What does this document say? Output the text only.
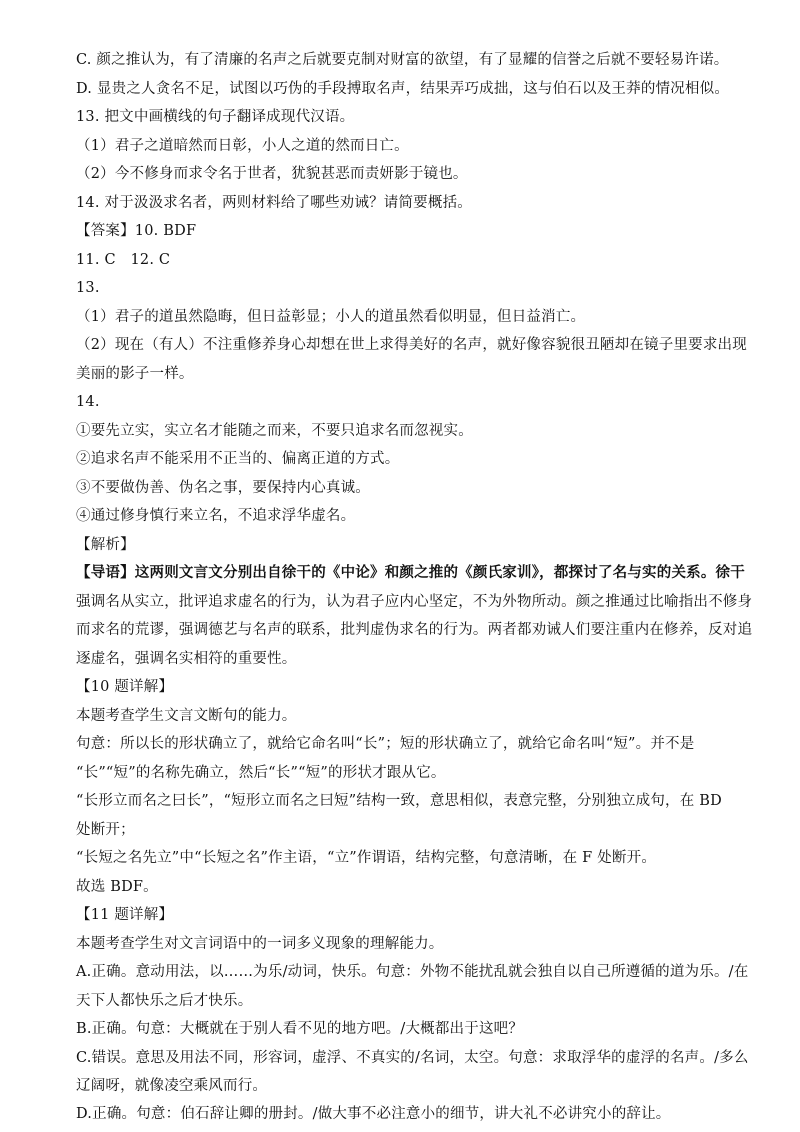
C. 颜之推认为，有了清廉的名声之后就要克制对财富的欲望，有了显耀的信誉之后就不要轻易许诺。
D. 显贵之人贪名不足，试图以巧伪的手段搏取名声，结果弄巧成拙，这与伯石以及王莽的情况相似。
13. 把文中画横线的句子翻译成现代汉语。
（1）君子之道暗然而日彰，小人之道的然而日亡。
（2）今不修身而求令名于世者，犹貌甚恶而责妍影于镜也。
14. 对于汲汲求名者，两则材料给了哪些劝诫？请简要概括。
【答案】10. BDF
11. C　12. C
13.
（1）君子的道虽然隐晦，但日益彰显；小人的道虽然看似明显，但日益消亡。
（2）现在（有人）不注重修养身心却想在世上求得美好的名声，就好像容貌很丑陋却在镜子里要求出现
美丽的影子一样。
14.
①要先立实，实立名才能随之而来，不要只追求名而忽视实。
②追求名声不能采用不正当的、偏离正道的方式。
③不要做伪善、伪名之事，要保持内心真诚。
④通过修身慎行来立名，不追求浮华虚名。
【解析】
【导语】这两则文言文分别出自徐干的《中论》和颜之推的《颜氏家训》，都探讨了名与实的关系。徐干
强调名从实立，批评追求虚名的行为，认为君子应内心坚定，不为外物所动。颜之推通过比喻指出不修身
而求名的荒谬，强调德艺与名声的联系，批判虚伪求名的行为。两者都劝诫人们要注重内在修养，反对追
逐虚名，强调名实相符的重要性。
【10 题详解】
本题考查学生文言文断句的能力。
句意：所以长的形状确立了，就给它命名叫“长”；短的形状确立了，就给它命名叫“短”。并不是
“长”“短”的名称先确立，然后“长”“短”的形状才跟从它。
“长形立而名之曰长”，“短形立而名之曰短”结构一致，意思相似，表意完整，分别独立成句，在 BD
处断开；
“长短之名先立”中“长短之名”作主语，“立”作谓语，结构完整，句意清晰，在 F 处断开。
故选 BDF。
【11 题详解】
本题考查学生对文言词语中的一词多义现象的理解能力。
A.正确。意动用法，以……为乐/动词，快乐。句意：外物不能扰乱就会独自以自己所遵循的道为乐。/在
天下人都快乐之后才快乐。
B.正确。句意：大概就在于别人看不见的地方吧。/大概都出于这吧？
C.错误。意思及用法不同，形容词，虚浮、不真实的/名词，太空。句意：求取浮华的虚浮的名声。/多么
辽阔呀，就像凌空乘风而行。
D.正确。句意：伯石辞让卿的册封。/做大事不必注意小的细节，讲大礼不必讲究小的辞让。
